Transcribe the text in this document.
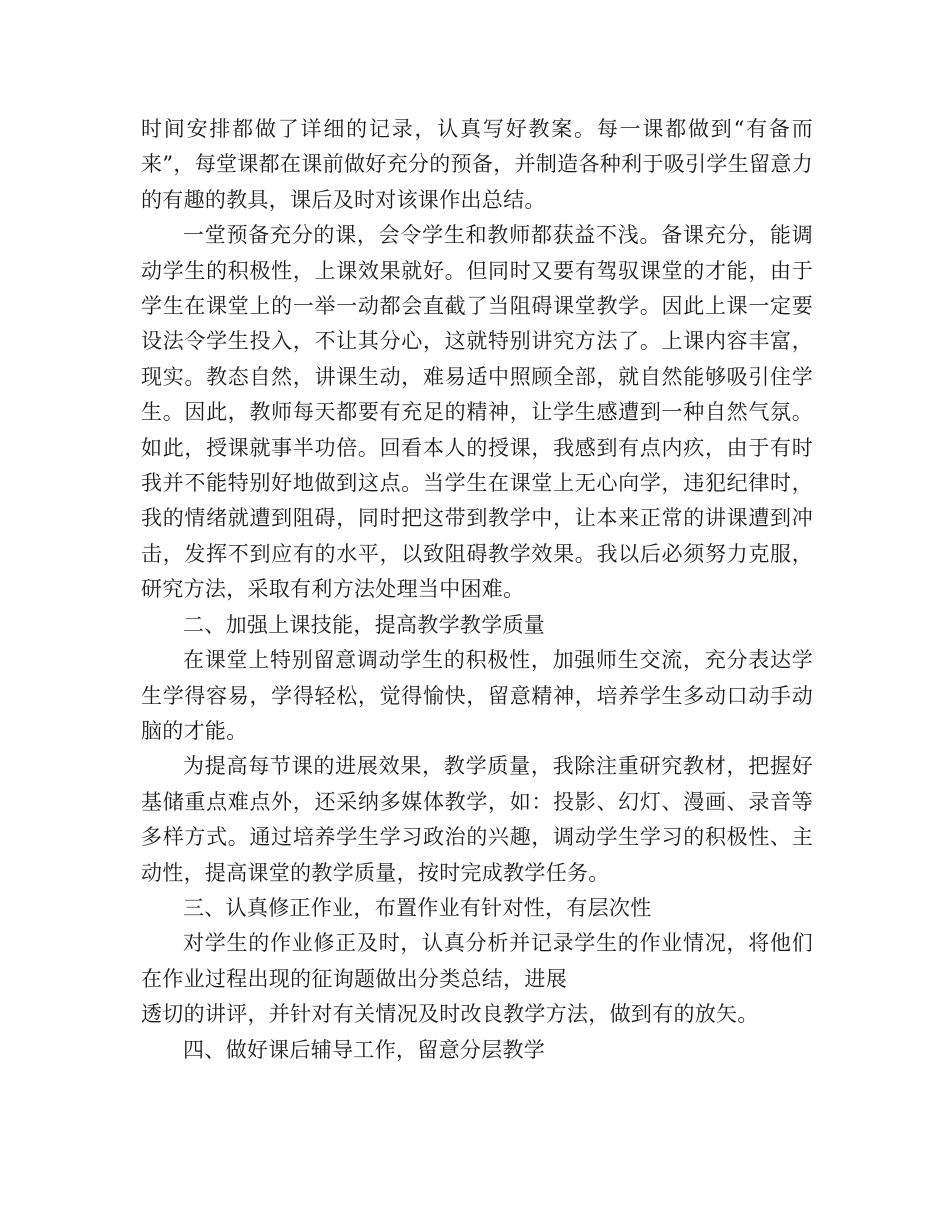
时间安排都做了详细的记录，认真写好教案。每一课都做到“有备而来”，每堂课都在课前做好充分的预备，并制造各种利于吸引学生留意力的有趣的教具，课后及时对该课作出总结。

一堂预备充分的课，会令学生和教师都获益不浅。备课充分，能调动学生的积极性，上课效果就好。但同时又要有驾驭课堂的才能，由于学生在课堂上的一举一动都会直截了当阻碍课堂教学。因此上课一定要设法令学生投入，不让其分心，这就特别讲究方法了。上课内容丰富，现实。教态自然，讲课生动，难易适中照顾全部，就自然能够吸引住学生。因此，教师每天都要有充足的精神，让学生感遭到一种自然气氛。如此，授课就事半功倍。回看本人的授课，我感到有点内疚，由于有时我并不能特别好地做到这点。当学生在课堂上无心向学，违犯纪律时，我的情绪就遭到阻碍，同时把这带到教学中，让本来正常的讲课遭到冲击，发挥不到应有的水平，以致阻碍教学效果。我以后必须努力克服，研究方法，采取有利方法处理当中困难。

二、加强上课技能，提高教学教学质量

在课堂上特别留意调动学生的积极性，加强师生交流，充分表达学生学得容易，学得轻松，觉得愉快，留意精神，培养学生多动口动手动脑的才能。

为提高每节课的进展效果，教学质量，我除注重研究教材，把握好基储重点难点外，还采纳多媒体教学，如：投影、幻灯、漫画、录音等多样方式。通过培养学生学习政治的兴趣，调动学生学习的积极性、主动性，提高课堂的教学质量，按时完成教学任务。

三、认真修正作业，布置作业有针对性，有层次性

对学生的作业修正及时，认真分析并记录学生的作业情况，将他们在作业过程出现的征询题做出分类总结，进展

透切的讲评，并针对有关情况及时改良教学方法，做到有的放矢。

四、做好课后辅导工作，留意分层教学
